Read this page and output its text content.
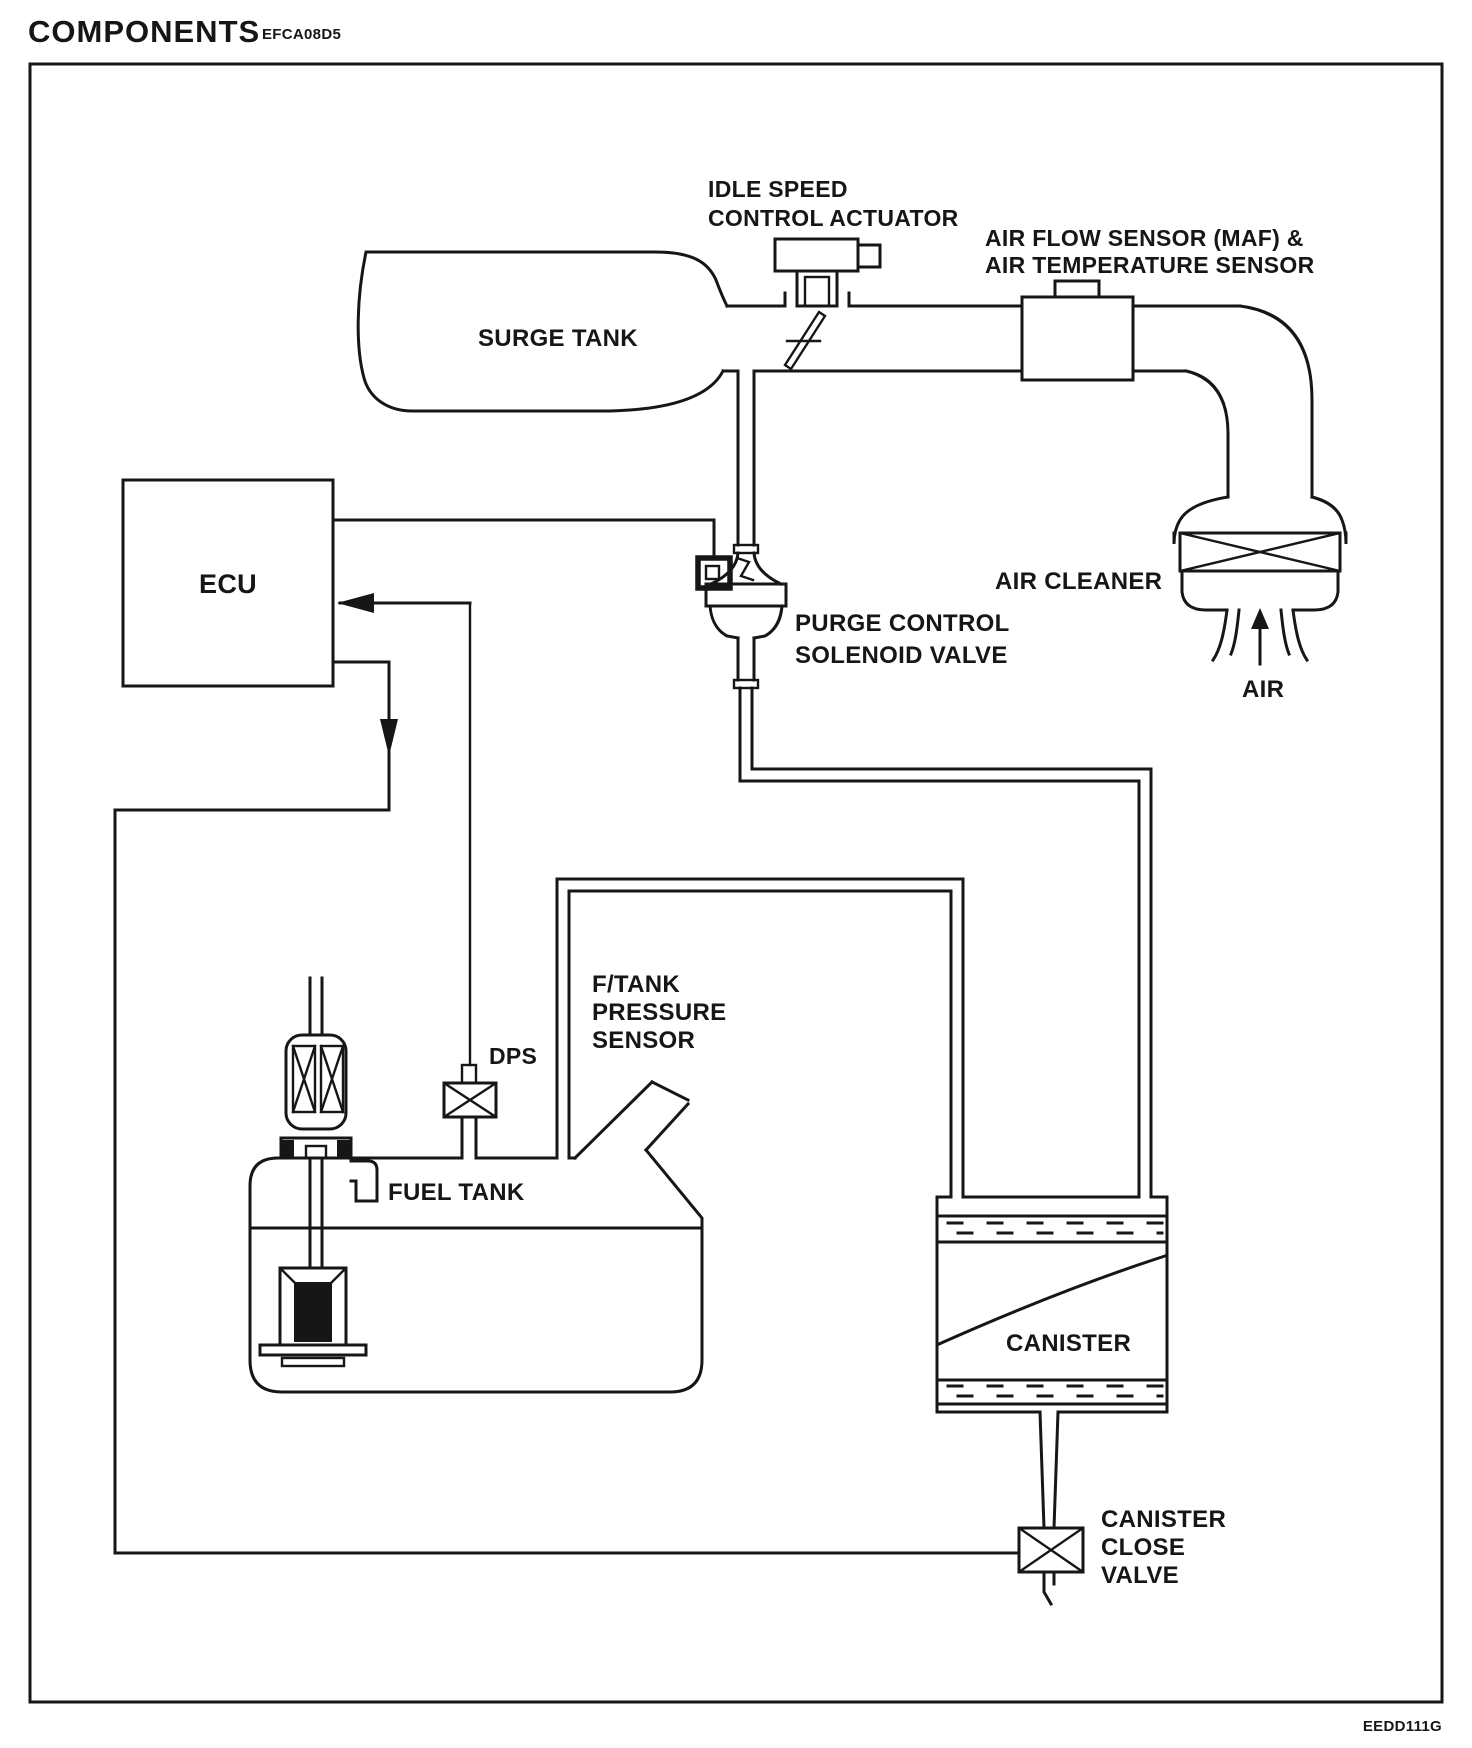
COMPONENTS EFCA08D5
EEDD111G
SURGE TANK
IDLE SPEED
CONTROL ACTUATOR
AIR FLOW SENSOR (MAF) &
AIR TEMPERATURE SENSOR
AIR CLEANER
AIR
ECU
PURGE CONTROL
SOLENOID VALVE
F/TANK
PRESSURE
SENSOR
DPS
FUEL TANK
CANISTER
CANISTER
CLOSE
VALVE
